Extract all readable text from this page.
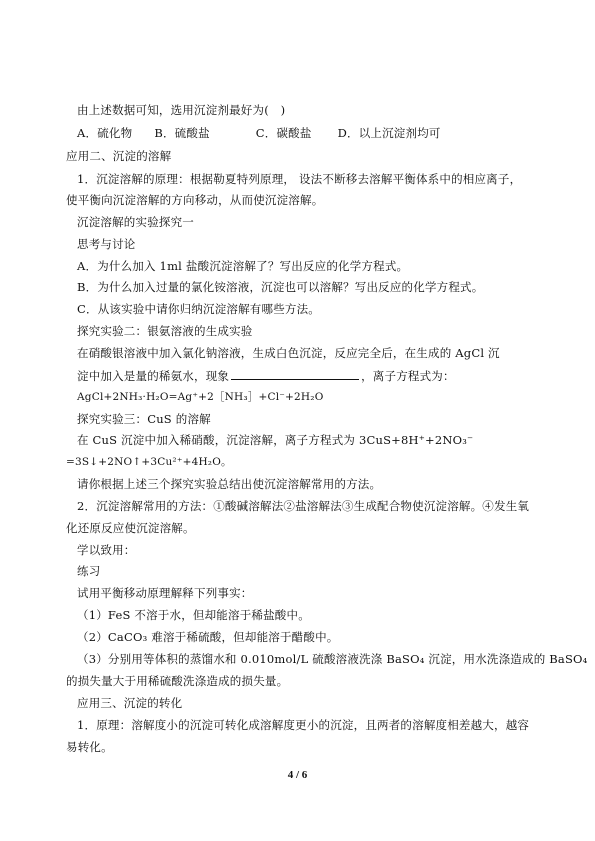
由上述数据可知，选用沉淀剂最好为(　)
A．硫化物 B．硫酸盐	C．碳酸盐 D．以上沉淀剂均可
应用二、沉淀的溶解
1．沉淀溶解的原理：根据勒夏特列原理， 设法不断移去溶解平衡体系中的相应离子，
使平衡向沉淀溶解的方向移动，从而使沉淀溶解。
沉淀溶解的实验探究一
思考与讨论
A．为什么加入 1ml 盐酸沉淀溶解了？写出反应的化学方程式。
B．为什么加入过量的氯化铵溶液，沉淀也可以溶解？写出反应的化学方程式。
C．从该实验中请你归纳沉淀溶解有哪些方法。
探究实验二：银氨溶液的生成实验
在硝酸银溶液中加入氯化钠溶液，生成白色沉淀，反应完全后，在生成的 AgCl 沉
淀中加入是量的稀氨水，现象	，离子方程式为：
AgCl+2NH₃·H₂O=Ag⁺+2［NH₃］+Cl⁻+2H₂O
探究实验三：CuS 的溶解
在 CuS 沉淀中加入稀硝酸，沉淀溶解，离子方程式为 3CuS+8H⁺+2NO₃⁻
=3S↓+2NO↑+3Cu²⁺+4H₂O。
请你根据上述三个探究实验总结出使沉淀溶解常用的方法。
2．沉淀溶解常用的方法：①酸碱溶解法②盐溶解法③生成配合物使沉淀溶解。④发生氧
化还原反应使沉淀溶解。
学以致用：
练习
试用平衡移动原理解释下列事实：
（1）FeS 不溶于水，但却能溶于稀盐酸中。
（2）CaCO₃ 难溶于稀硫酸，但却能溶于醋酸中。
（3）分别用等体积的蒸馏水和 0.010mol/L 硫酸溶液洗涤 BaSO₄ 沉淀，用水洗涤造成的 BaSO₄
的损失量大于用稀硫酸洗涤造成的损失量。
应用三、沉淀的转化
1．原理：溶解度小的沉淀可转化成溶解度更小的沉淀，且两者的溶解度相差越大，越容
易转化。
4 / 6
